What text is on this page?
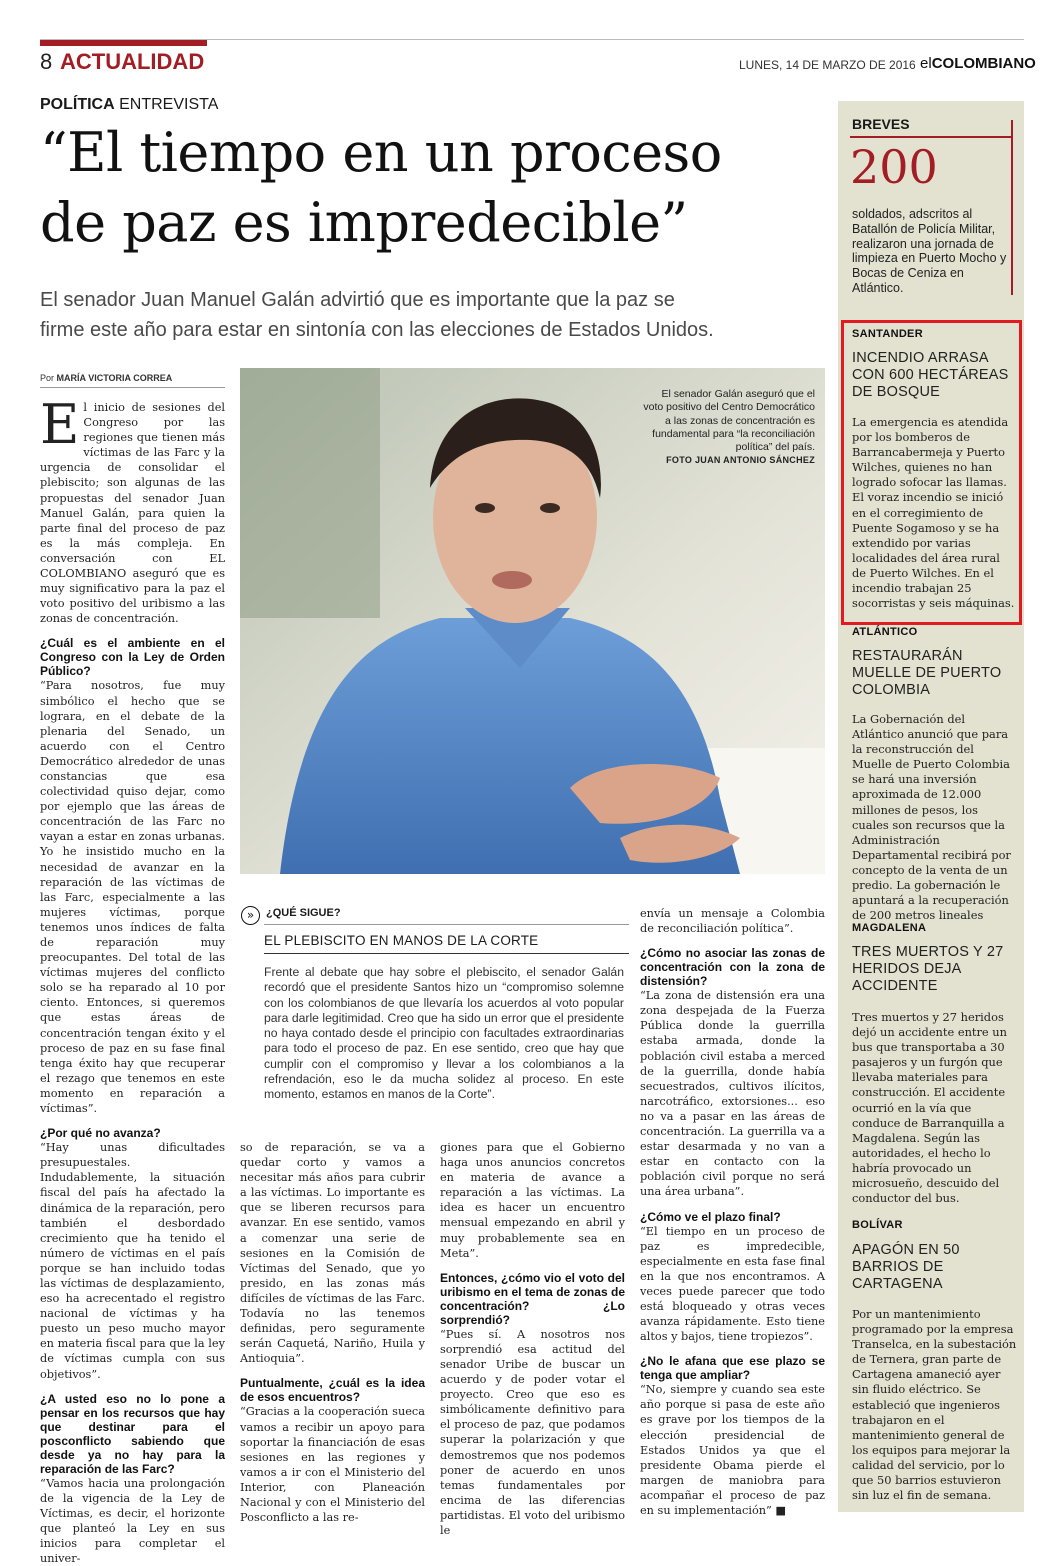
8 ACTUALIDAD	LUNES, 14 DE MARZO DE 2016 elCOLOMBIANO
POLÍTICA ENTREVISTA
“El tiempo en un proceso
de paz es impredecible”
El senador Juan Manuel Galán advirtió que es importante que la paz se
firme este año para estar en sintonía con las elecciones de Estados Unidos.
Por MARÍA VICTORIA CORREA
El inicio de sesiones del Congreso por las regiones que tienen más víctimas de las Farc y la urgencia de consolidar el plebiscito; son algunas de las propuestas del senador Juan Manuel Galán, para quien la parte final del proceso de paz es la más compleja. En conversación con EL COLOMBIANO aseguró que es muy significativo para la paz el voto positivo del uribismo a las zonas de concentración.
¿Cuál es el ambiente en el Congreso con la Ley de Orden Público?
“Para nosotros, fue muy simbólico el hecho que se lograra, en el debate de la plenaria del Senado, un acuerdo con el Centro Democrático alrededor de unas constancias que esa colectividad quiso dejar, como por ejemplo que las áreas de concentración de las Farc no vayan a estar en zonas urbanas. Yo he insistido mucho en la necesidad de avanzar en la reparación de las víctimas de las Farc, especialmente a las mujeres víctimas, porque tenemos unos índices de falta de reparación muy preocupantes. Del total de las víctimas mujeres del conflicto solo se ha reparado al 10 por ciento. Entonces, si queremos que estas áreas de concentración tengan éxito y el proceso de paz en su fase final tenga éxito hay que recuperar el rezago que tenemos en este momento en reparación a víctimas”.
¿Por qué no avanza?
“Hay unas dificultades presupuestales. Indudablemente, la situación fiscal del país ha afectado la dinámica de la reparación, pero también el desbordado crecimiento que ha tenido el número de víctimas en el país porque se han incluido todas las víctimas de desplazamiento, eso ha acrecentado el registro nacional de víctimas y ha puesto un peso mucho mayor en materia fiscal para que la ley de víctimas cumpla con sus objetivos”.
¿A usted eso no lo pone a pensar en los recursos que hay que destinar para el posconflicto sabiendo que desde ya no hay para la reparación de las Farc?
“Vamos hacia una prolongación de la vigencia de la Ley de Víctimas, es decir, el horizonte que planteó la Ley en sus inicios para completar el univer-
El senador Galán aseguró que el voto positivo del Centro Democrático a las zonas de concentración es fundamental para “la reconciliación política” del país.
FOTO JUAN ANTONIO SÁNCHEZ
»	¿QUÉ SIGUE?
EL PLEBISCITO EN MANOS DE LA CORTE
Frente al debate que hay sobre el plebiscito, el senador Galán recordó que el presidente Santos hizo un “compromiso solemne con los colombianos de que llevaría los acuerdos al voto popular para darle legitimidad. Creo que ha sido un error que el presidente no haya contado desde el principio con facultades extraordinarias para todo el proceso de paz. En ese sentido, creo que hay que cumplir con el compromiso y llevar a los colombianos a la refrendación, eso le da mucha solidez al proceso. En este momento, estamos en manos de la Corte”.
envía un mensaje a Colombia de reconciliación política”.
¿Cómo no asociar las zonas de concentración con la zona de distensión?
“La zona de distensión era una zona despejada de la Fuerza Pública donde la guerrilla estaba armada, donde la población civil estaba a merced de la guerrilla, donde había secuestrados, cultivos ilícitos, narcotráfico, extorsiones... eso no va a pasar en las áreas de concentración. La guerrilla va a estar desarmada y no van a estar en contacto con la población civil porque no será una área urbana”.
¿Cómo ve el plazo final?
“El tiempo en un proceso de paz es impredecible, especialmente en esta fase final en la que nos encontramos. A veces puede parecer que todo está bloqueado y otras veces avanza rápidamente. Esto tiene altos y bajos, tiene tropiezos”.
¿No le afana que ese plazo se tenga que ampliar?
“No, siempre y cuando sea este año porque si pasa de este año es grave por los tiempos de la elección presidencial de Estados Unidos ya que el presidente Obama pierde el margen de maniobra para acompañar el proceso de paz en su implementación” ■
so de reparación, se va a quedar corto y vamos a necesitar más años para cubrir a las víctimas. Lo importante es que se liberen recursos para avanzar. En ese sentido, vamos a comenzar una serie de sesiones en la Comisión de Víctimas del Senado, que yo presido, en las zonas más difíciles de víctimas de las Farc. Todavía no las tenemos definidas, pero seguramente serán Caquetá, Nariño, Huila y Antioquia”.
Puntualmente, ¿cuál es la idea de esos encuentros?
“Gracias a la cooperación sueca vamos a recibir un apoyo para soportar la financiación de esas sesiones en las regiones y vamos a ir con el Ministerio del Interior, con Planeación Nacional y con el Ministerio del Posconflicto a las re-
giones para que el Gobierno haga unos anuncios concretos en materia de avance a reparación a las víctimas. La idea es hacer un encuentro mensual empezando en abril y muy probablemente sea en Meta”.
Entonces, ¿cómo vio el voto del uribismo en el tema de zonas de concentración? ¿Lo sorprendió?
“Pues sí. A nosotros nos sorprendió esa actitud del senador Uribe de buscar un acuerdo y de poder votar el proyecto. Creo que eso es simbólicamente definitivo para el proceso de paz, que podamos superar la polarización y que demostremos que nos podemos poner de acuerdo en unos temas fundamentales por encima de las diferencias partidistas. El voto del uribismo le
BREVES
200
soldados, adscritos al Batallón de Policía Militar, realizaron una jornada de limpieza en Puerto Mocho y Bocas de Ceniza en Atlántico.
SANTANDER
INCENDIO ARRASA CON 600 HECTÁREAS DE BOSQUE
La emergencia es atendida por los bomberos de Barrancabermeja y Puerto Wilches, quienes no han logrado sofocar las llamas. El voraz incendio se inició en el corregimiento de Puente Sogamoso y se ha extendido por varias localidades del área rural de Puerto Wilches. En el incendio trabajan 25 socorristas y seis máquinas.
ATLÁNTICO
RESTAURARÁN MUELLE DE PUERTO COLOMBIA
La Gobernación del Atlántico anunció que para la reconstrucción del Muelle de Puerto Colombia se hará una inversión aproximada de 12.000 millones de pesos, los cuales son recursos que la Administración Departamental recibirá por concepto de la venta de un predio. La gobernación le apuntará a la recuperación de 200 metros lineales
MAGDALENA
TRES MUERTOS Y 27 HERIDOS DEJA ACCIDENTE
Tres muertos y 27 heridos dejó un accidente entre un bus que transportaba a 30 pasajeros y un furgón que llevaba materiales para construcción. El accidente ocurrió en la vía que conduce de Barranquilla a Magdalena. Según las autoridades, el hecho lo habría provocado un microsueño, descuido del conductor del bus.
BOLÍVAR
APAGÓN EN 50 BARRIOS DE CARTAGENA
Por un mantenimiento programado por la empresa Transelca, en la subestación de Ternera, gran parte de Cartagena amaneció ayer sin fluido eléctrico. Se estableció que ingenieros trabajaron en el mantenimiento general de los equipos para mejorar la calidad del servicio, por lo que 50 barrios estuvieron sin luz el fin de semana.
